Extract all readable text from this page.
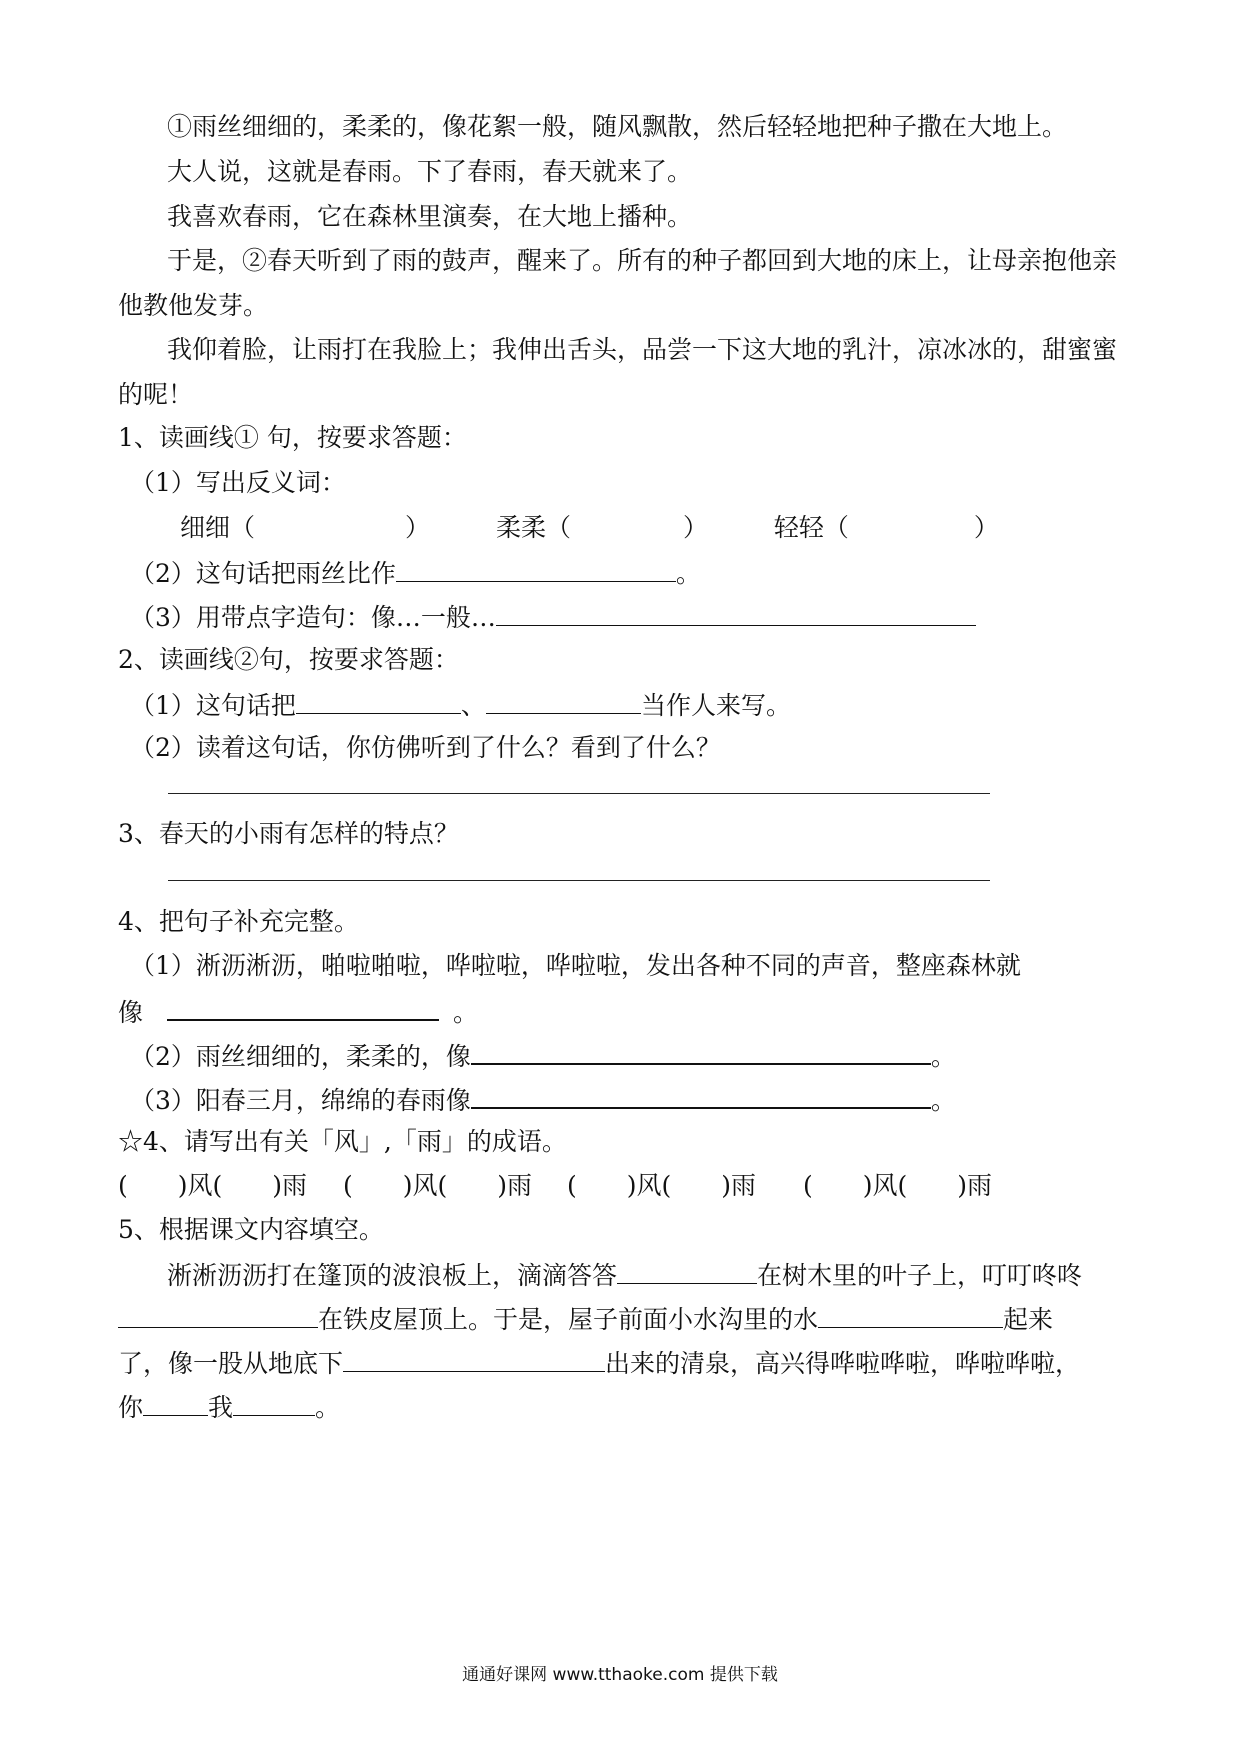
①雨丝细细的，柔柔的，像花絮一般，随风飘散，然后轻轻地把种子撒在大地上。
大人说，这就是春雨。下了春雨，春天就来了。
我喜欢春雨，它在森林里演奏，在大地上播种。
于是，②春天听到了雨的鼓声，醒来了。所有的种子都回到大地的床上，让母亲抱他亲
他教他发芽。
我仰着脸，让雨打在我脸上；我伸出舌头，品尝一下这大地的乳汁，凉冰冰的，甜蜜蜜
的呢！
1、读画线① 句，按要求答题：
（1）写出反义词：
细细（	）	柔柔（	）	轻轻（	）
（2）这句话把雨丝比作	。
（3）用带点字造句：像…一般…
2、读画线②句，按要求答题：
（1）这句话把	、	当作人来写。
（2）读着这句话，你仿佛听到了什么？看到了什么？
3、春天的小雨有怎样的特点？
4、把句子补充完整。
（1）淅沥淅沥，啪啦啪啦，哗啦啦，哗啦啦，发出各种不同的声音，整座森林就
像	。
（2）雨丝细细的，柔柔的，像	。
（3）阳春三月，绵绵的春雨像	。
☆4、请写出有关「风」,「雨」的成语。
(　　)风(　　)雨 (　　)风(　　)雨 (　　)风(　　)雨 (　　)风(　　)雨
5、根据课文内容填空。
淅淅沥沥打在篷顶的波浪板上，滴滴答答	在树木里的叶子上，叮叮咚咚
在铁皮屋顶上。于是，屋子前面小水沟里的水	起来
了，像一股从地底下	出来的清泉，高兴得哗啦哗啦，哗啦哗啦，
你	我	。
通通好课网 www.tthaoke.com 提供下载
